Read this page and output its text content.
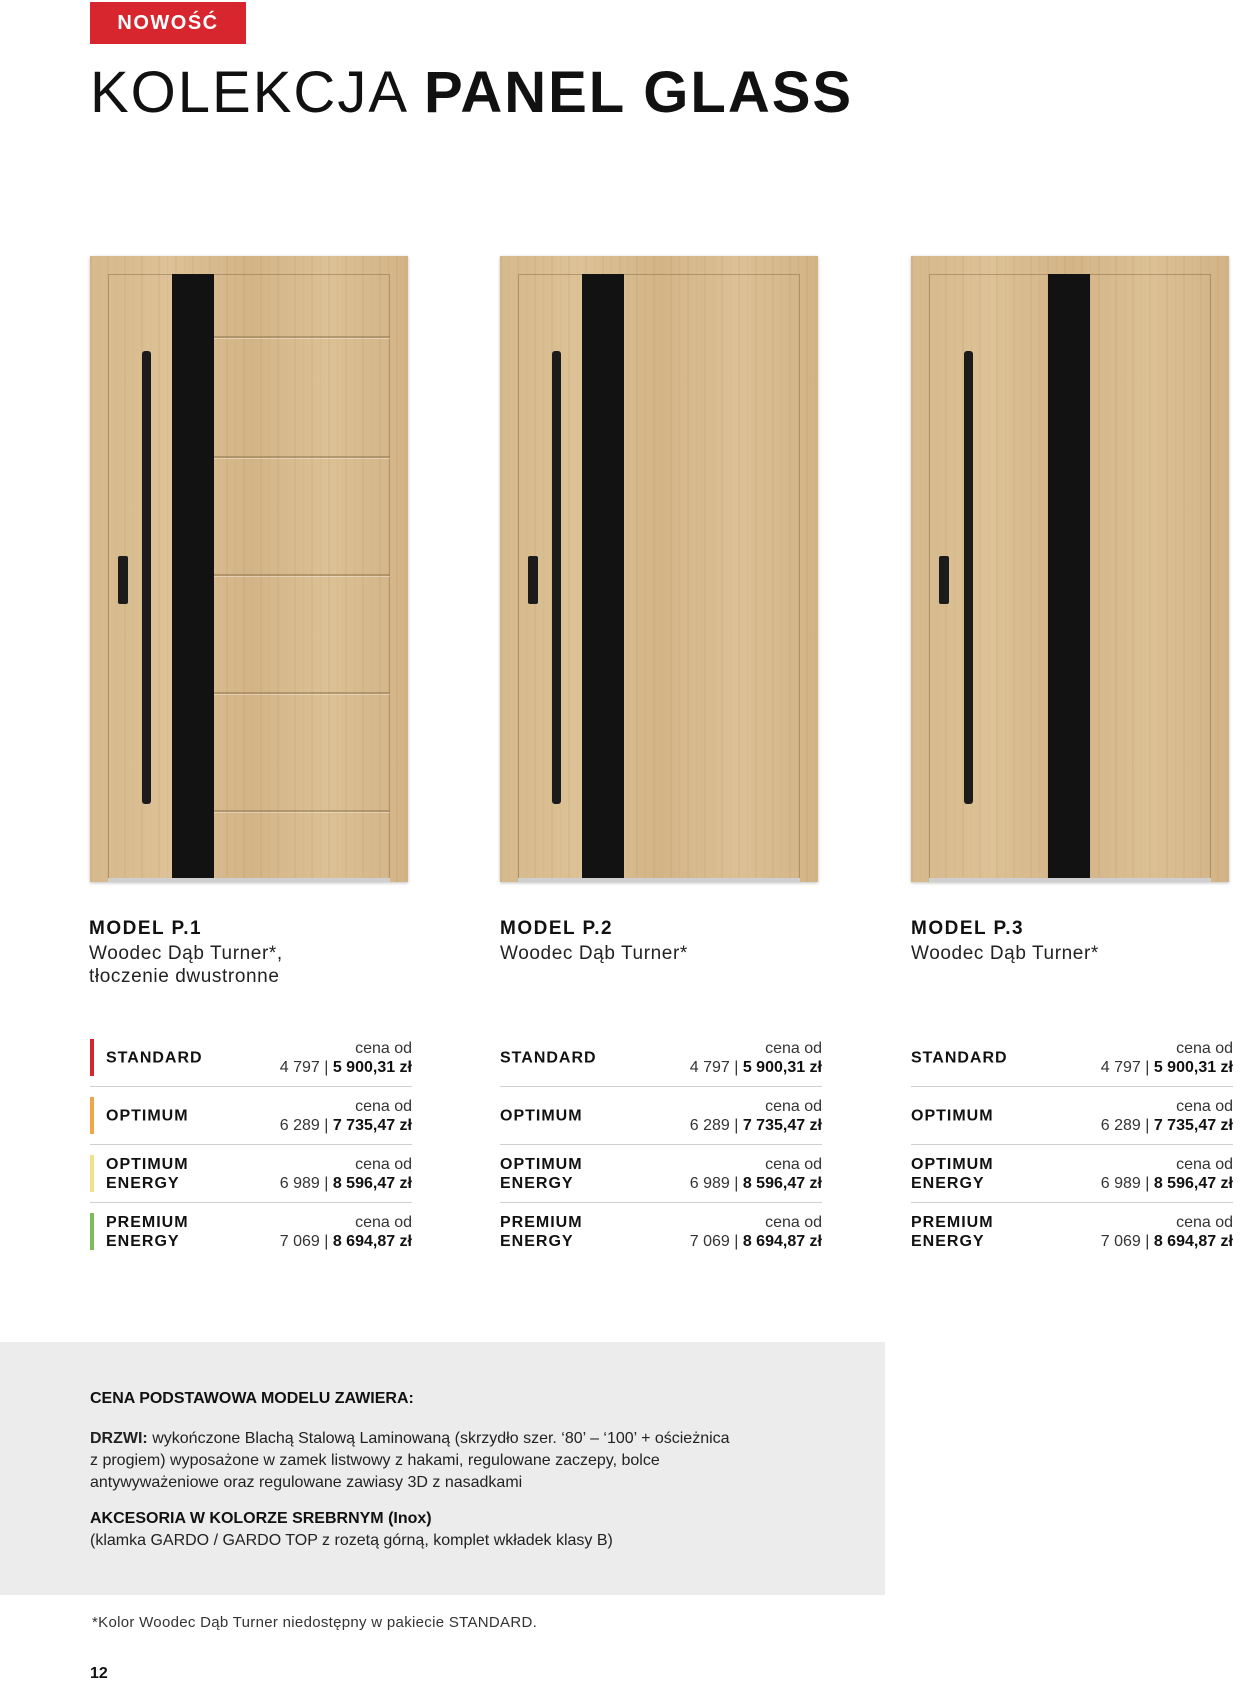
NOWOŚĆ
KOLEKCJA PANEL GLASS
MODEL P.1
Woodec Dąb Turner*,
tłoczenie dwustronne
MODEL P.2
Woodec Dąb Turner*
MODEL P.3
Woodec Dąb Turner*
STANDARD
cena od
4 797 | 5 900,31 zł
OPTIMUM
cena od
6 289 | 7 735,47 zł
OPTIMUM
ENERGY
cena od
6 989 | 8 596,47 zł
PREMIUM
ENERGY
cena od
7 069 | 8 694,87 zł
STANDARD
cena od
4 797 | 5 900,31 zł
OPTIMUM
cena od
6 289 | 7 735,47 zł
OPTIMUM
ENERGY
cena od
6 989 | 8 596,47 zł
PREMIUM
ENERGY
cena od
7 069 | 8 694,87 zł
STANDARD
cena od
4 797 | 5 900,31 zł
OPTIMUM
cena od
6 289 | 7 735,47 zł
OPTIMUM
ENERGY
cena od
6 989 | 8 596,47 zł
PREMIUM
ENERGY
cena od
7 069 | 8 694,87 zł
CENA PODSTAWOWA MODELU ZAWIERA:

DRZWI: wykończone Blachą Stalową Laminowaną (skrzydło szer. ‘80’ – ‘100’ + ościeżnica
z progiem) wyposażone w zamek listwowy z hakami, regulowane zaczepy, bolce
antywyważeniowe oraz regulowane zawiasy 3D z nasadkami

AKCESORIA W KOLORZE SREBRNYM (Inox)
(klamka GARDO / GARDO TOP z rozetą górną, komplet wkładek klasy B)

*Kolor Woodec Dąb Turner niedostępny w pakiecie STANDARD.
12
